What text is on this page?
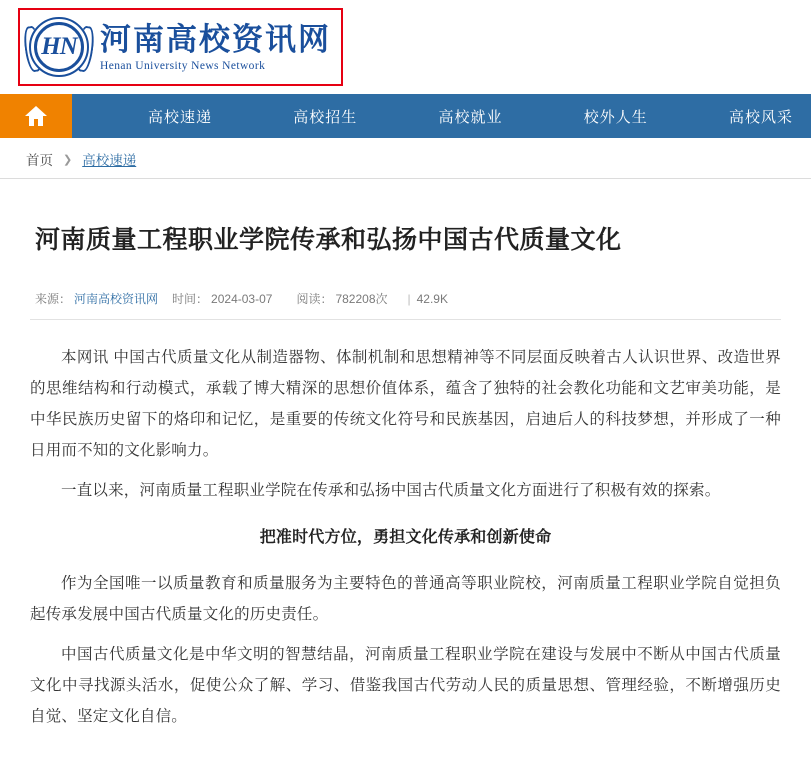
HN 河南高校资讯网
Henan University News Network
高校速递	高校招生	高校就业	校外人生	高校风采
首页 ❯ 高校速递
河南质量工程职业学院传承和弘扬中国古代质量文化
来源： 河南高校资讯网 时间： 2024-03-07 阅读： 782208次 | 42.9K

本网讯 中国古代质量文化从制造器物、体制机制和思想精神等不同层面反映着古人认识世界、改造世界的思维结构和行动模式，承载了博大精深的思想价值体系，蕴含了独特的社会教化功能和文艺审美功能，是中华民族历史留下的烙印和记忆，是重要的传统文化符号和民族基因，启迪后人的科技梦想，并形成了一种日用而不知的文化影响力。

一直以来，河南质量工程职业学院在传承和弘扬中国古代质量文化方面进行了积极有效的探索。

把准时代方位，勇担文化传承和创新使命

作为全国唯一以质量教育和质量服务为主要特色的普通高等职业院校，河南质量工程职业学院自觉担负起传承发展中国古代质量文化的历史责任。

中国古代质量文化是中华文明的智慧结晶，河南质量工程职业学院在建设与发展中不断从中国古代质量文化中寻找源头活水，促使公众了解、学习、借鉴我国古代劳动人民的质量思想、管理经验，不断增强历史自觉、坚定文化自信。
